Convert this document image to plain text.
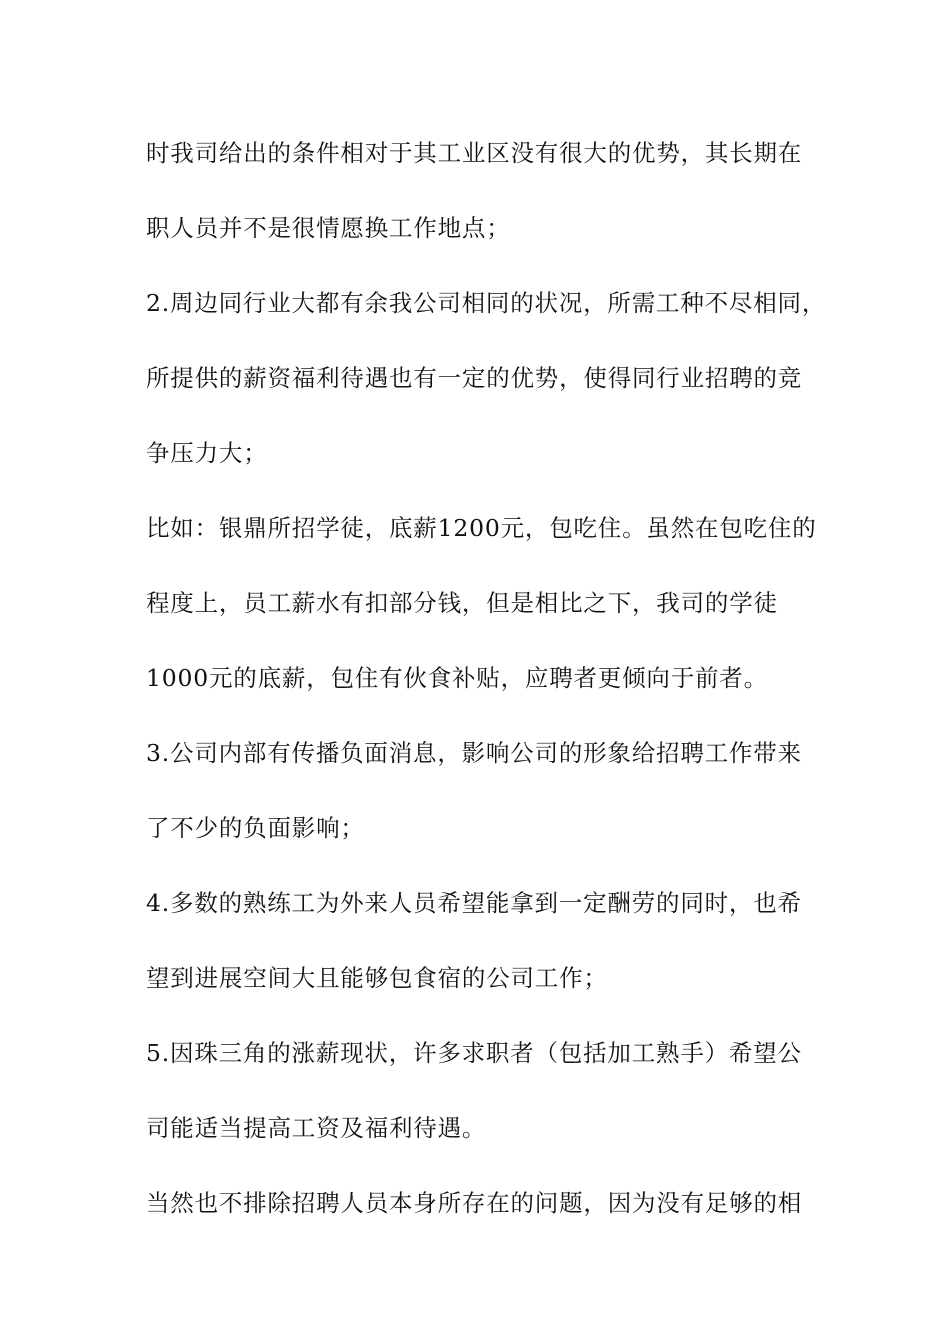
时我司给出的条件相对于其工业区没有很大的优势，其长期在

职人员并不是很情愿换工作地点；

2.周边同行业大都有余我公司相同的状况，所需工种不尽相同，

所提供的薪资福利待遇也有一定的优势，使得同行业招聘的竞

争压力大；

比如：银鼎所招学徒，底薪1200元，包吃住。虽然在包吃住的

程度上，员工薪水有扣部分钱，但是相比之下，我司的学徒

1000元的底薪，包住有伙食补贴，应聘者更倾向于前者。

3.公司内部有传播负面消息，影响公司的形象给招聘工作带来

了不少的负面影响；

4.多数的熟练工为外来人员希望能拿到一定酬劳的同时，也希

望到进展空间大且能够包食宿的公司工作；

5.因珠三角的涨薪现状，许多求职者（包括加工熟手）希望公

司能适当提高工资及福利待遇。

当然也不排除招聘人员本身所存在的问题，因为没有足够的相
